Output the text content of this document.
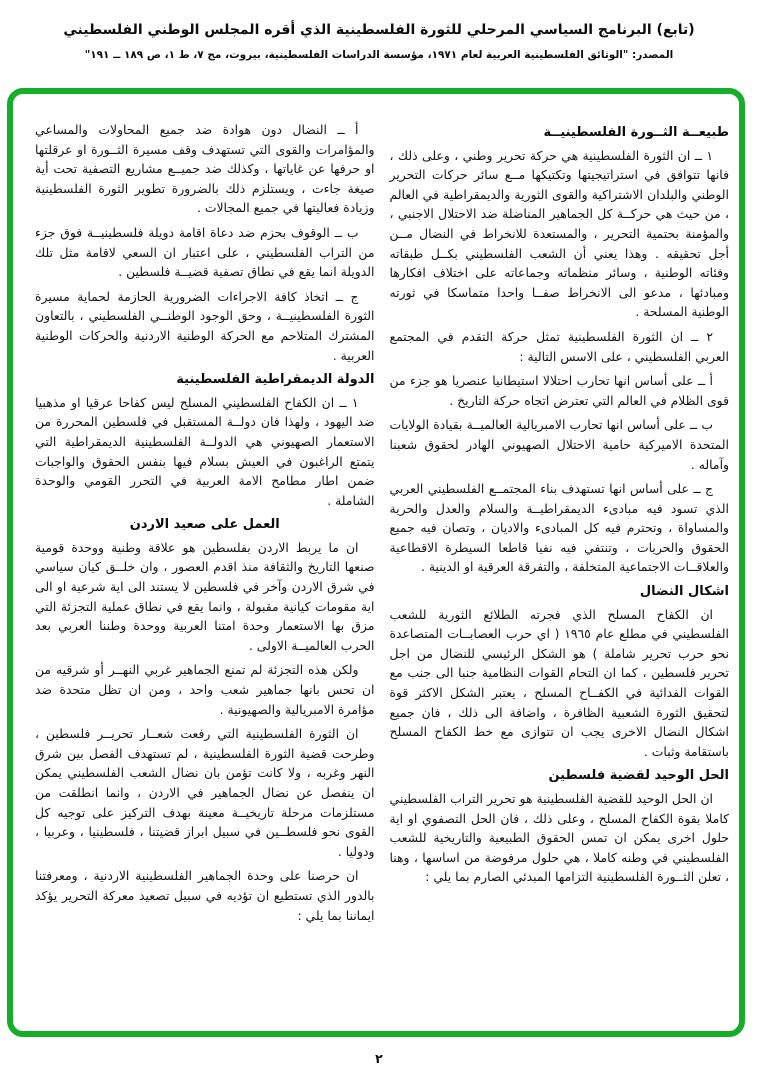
(تابع) البرنامج السياسي المرحلي للثورة الفلسطينية الذي أقره المجلس الوطني الفلسطيني
المصدر: "الوثائق الفلسطينية العربية لعام ١٩٧١، مؤسسة الدراسات الفلسطينية، بيروت، مج ٧، ط ١، ص ١٨٩ ــ ١٩١"
طبيعــة الثــورة الفلسطينيــة

١ ــ ان الثورة الفلسطينية هي حركة تحرير وطني ، وعلى ذلك ، فانها تتوافق في استراتيجيتها وتكتيكها مــع سائر حركات التحرير الوطني والبلدان الاشتراكية والقوى الثورية والديمقراطية في العالم ، من حيث هي حركــة كل الجماهير المناضلة ضد الاحتلال الاجنبي ، والمؤمنة بحتمية التحرير ، والمستعدة للانخراط في النضال مــن أجل تحقيقه . وهذا يعني أن الشعب الفلسطيني بكــل طبقاته وفئاته الوطنية ، وسائر منظماته وجماعاته على اختلاف افكارها ومبادئها ، مدعو الى الانخراط صفــا واحدا متماسكا في ثورته الوطنية المسلحة .

٢ ــ ان الثورة الفلسطينية تمثل حركة التقدم في المجتمع العربي الفلسطيني ، على الاسس التالية :

أ ــ على أساس انها تحارب احتلالا استيطانيا عنصريا هو جزء من قوى الظلام في العالم التي تعترض اتجاه حركة التاريخ .

ب ــ على أساس انها تحارب الامبريالية العالميــة بقيادة الولايات المتحدة الاميركية حامية الاحتلال الصهيوني الهادر لحقوق شعبنا وآماله .

ج ــ على أساس انها تستهدف بناء المجتمــع الفلسطيني العربي الذي تسود فيه مبادىء الديمقراطيــة والسلام والعدل والحرية والمساواة ، وتحترم فيه كل المبادىء والاديان ، وتصان فيه جميع الحقوق والحريات ، وتنتفي فيه نفيا قاطعا السيطرة الاقطاعية والعلاقــات الاجتماعية المتخلفة ، والتفرقة العرقية او الدينية .

اشكال النضال

ان الكفاح المسلح الذي فجرته الطلائع الثورية للشعب الفلسطيني في مطلع عام ١٩٦٥ ( اي حرب العصابــات المتصاعدة نحو حرب تحرير شاملة ) هو الشكل الرئيسي للنضال من اجل تحرير فلسطين ، كما ان التحام القوات النظامية جنبا الى جنب مع القوات الفدائية في الكفــاح المسلح ، يعتبر الشكل الاكثر قوة لتحقيق الثورة الشعبية الظافرة ، واضافة الى ذلك ، فان جميع اشكال النضال الاخرى يجب ان تتوازى مع خط الكفاح المسلح باستقامة وثبات .

الحل الوحيد لقضية فلسطين

ان الحل الوحيد للقضية الفلسطينية هو تحرير التراب الفلسطيني كاملا بقوة الكفاح المسلح ، وعلى ذلك ، فان الحل التصفوي او اية حلول اخرى يمكن ان تمس الحقوق الطبيعية والتاريخية للشعب الفلسطيني في وطنه كاملا ، هي حلول مرفوضة من اساسها ، وهنا ، تعلن الثــورة الفلسطينية التزامها المبدئي الصارم بما يلي :

أ ــ النضال دون هوادة ضد جميع المحاولات والمساعي والمؤامرات والقوى التي تستهدف وقف مسيرة الثــورة او عرقلتها او حرفها عن غاياتها ، وكذلك ضد جميــع مشاريع التصفية تحت أية صيغة جاءت ، ويستلزم ذلك بالضرورة تطوير الثورة الفلسطينية وزيادة فعاليتها في جميع المجالات .

ب ــ الوقوف بحزم ضد دعاة اقامة دويلة فلسطينيــة فوق جزء من التراب الفلسطيني ، على اعتبار ان السعي لاقامة مثل تلك الدويلة انما يقع في نطاق تصفية قضيــة فلسطين .

ج ــ اتخاذ كافة الاجراءات الضرورية الحازمة لحماية مسيرة الثورة الفلسطينيــة ، وحق الوجود الوطنــي الفلسطيني ، بالتعاون المشترك المتلاحم مع الحركة الوطنية الاردنية والحركات الوطنية العربية .

الدولة الديمقراطية الفلسطينية

١ ــ ان الكفاح الفلسطيني المسلح ليس كفاحا عرقيا او مذهبيا ضد اليهود ، ولهذا فان دولــة المستقبل في فلسطين المحررة من الاستعمار الصهيوني هي الدولــة الفلسطينية الديمقراطية التي يتمتع الراغبون في العيش بسلام فيها بنفس الحقوق والواجبات ضمن اطار مطامح الامة العربية في التحرر القومي والوحدة الشاملة .

العمل على صعيد الاردن

ان ما يربط الاردن بفلسطين هو علاقة وطنية ووحدة قومية صنعها التاريخ والثقافة منذ اقدم العصور ، وان خلــق كيان سياسي في شرق الاردن وآخر في فلسطين لا يستند الى اية شرعية او الى اية مقومات كيانية مقبولة ، وانما يقع في نطاق عملية التجزئة التي مزق بها الاستعمار وحدة امتنا العربية ووحدة وطننا العربي بعد الحرب العالميــة الاولى .

ولكن هذه التجزئة لم تمنع الجماهير غربي النهــر أو شرقيه من ان تحس بانها جماهير شعب واحد ، ومن ان تظل متحدة ضد مؤامرة الامبريالية والصهيونية .

ان الثورة الفلسطينية التي رفعت شعــار تحريــر فلسطين ، وطرحت قضية الثورة الفلسطينية ، لم تستهدف الفصل بين شرق النهر وغربه ، ولا كانت تؤمن بان نضال الشعب الفلسطيني يمكن ان ينفصل عن نضال الجماهير في الاردن ، وانما انطلقت من مستلزمات مرحلة تاريخيــة معينة بهدف التركيز على توجيه كل القوى نحو فلسطــين في سبيل ابراز قضيتنا ، فلسطينيا ، وعربيا ، ودوليا .

ان حرصنا على وحدة الجماهير الفلسطينية الاردنية ، ومعرفتنا بالدور الذي تستطيع ان تؤديه في سبيل تصعيد معركة التحرير يؤكد ايماننا بما يلي :

٢
